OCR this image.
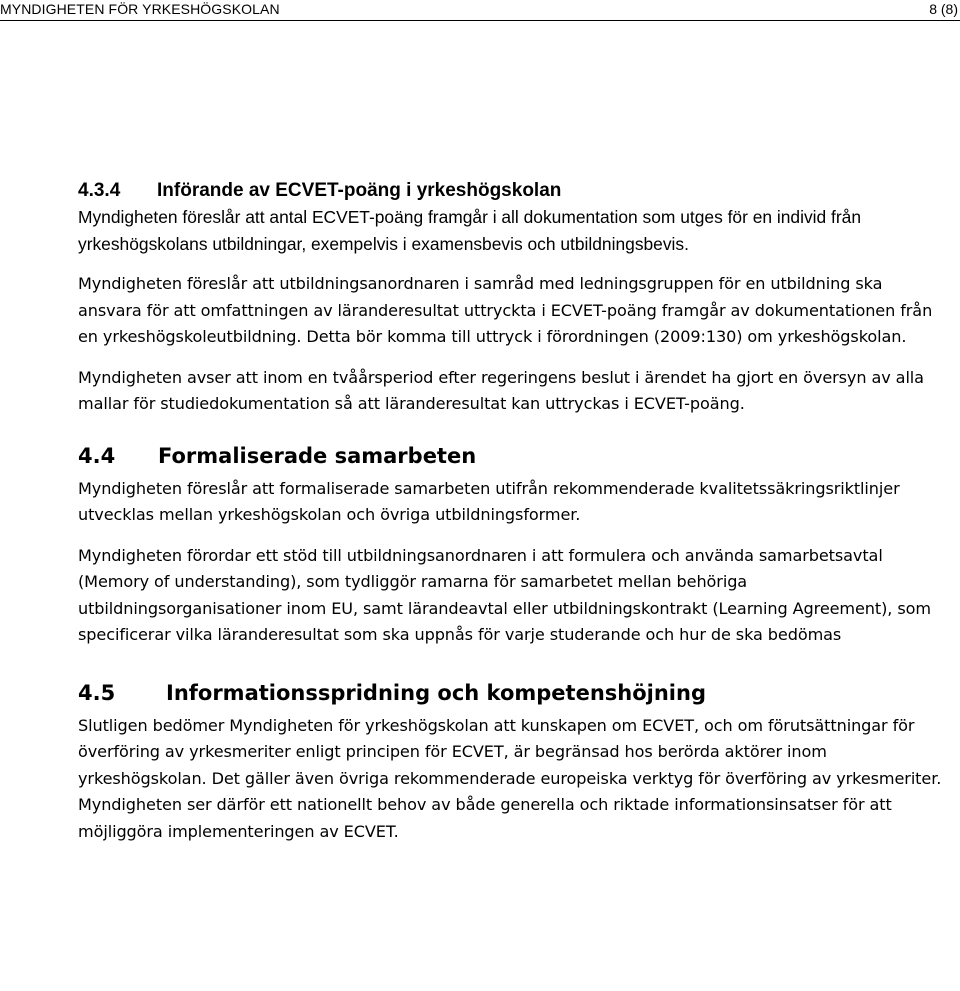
MYNDIGHETEN FÖR YRKESHÖGSKOLAN	8 (8)
4.3.4 Införande av ECVET-poäng i yrkeshögskolan

Myndigheten föreslår att antal ECVET-poäng framgår i all dokumentation som utges för en individ från yrkeshögskolans utbildningar, exempelvis i examensbevis och utbildningsbevis.

Myndigheten föreslår att utbildningsanordnaren i samråd med ledningsgruppen för en utbildning ska ansvara för att omfattningen av läranderesultat uttryckta i ECVET-poäng framgår av dokumentationen från en yrkeshögskoleutbildning. Detta bör komma till uttryck i förordningen (2009:130) om yrkeshögskolan.

Myndigheten avser att inom en tvåårsperiod efter regeringens beslut i ärendet ha gjort en översyn av alla mallar för studiedokumentation så att läranderesultat kan uttryckas i ECVET-poäng.

4.4 Formaliserade samarbeten

Myndigheten föreslår att formaliserade samarbeten utifrån rekommenderade kvalitetssäkringsriktlinjer utvecklas mellan yrkeshögskolan och övriga utbildningsformer.

Myndigheten förordar ett stöd till utbildningsanordnaren i att formulera och använda samarbetsavtal (Memory of understanding), som tydliggör ramarna för samarbetet mellan behöriga utbildningsorganisationer inom EU, samt lärandeavtal eller utbildningskontrakt (Learning Agreement), som specificerar vilka läranderesultat som ska uppnås för varje studerande och hur de ska bedömas

4.5 Informationsspridning och kompetenshöjning

Slutligen bedömer Myndigheten för yrkeshögskolan att kunskapen om ECVET, och om förutsättningar för överföring av yrkesmeriter enligt principen för ECVET, är begränsad hos berörda aktörer inom yrkeshögskolan. Det gäller även övriga rekommenderade europeiska verktyg för överföring av yrkesmeriter. Myndigheten ser därför ett nationellt behov av både generella och riktade informationsinsatser för att möjliggöra implementeringen av ECVET.
